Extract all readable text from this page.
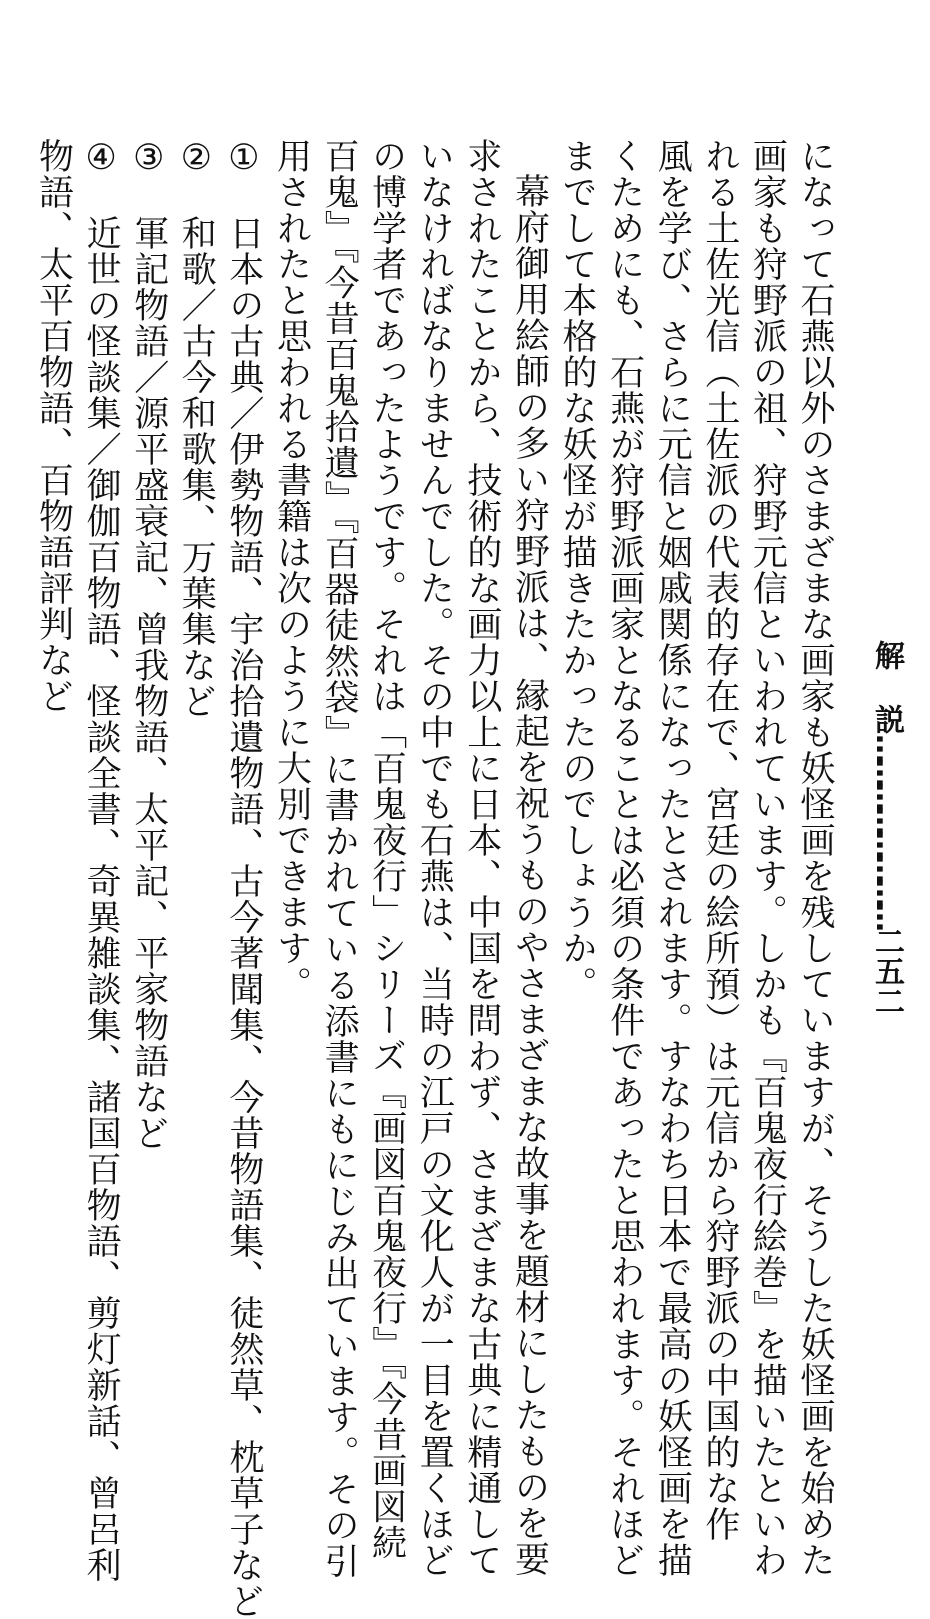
解説……………………二五二
になって石燕以外のさまざまな画家も妖怪画を残していますが、そうした妖怪画を始めた
画家も狩野派の祖、狩野元信といわれています。しかも『百鬼夜行絵巻』を描いたといわ
れる土佐光信（土佐派の代表的存在で、宮廷の絵所預）は元信から狩野派の中国的な作
風を学び、さらに元信と姻戚関係になったとされます。すなわち日本で最高の妖怪画を描
くためにも、石燕が狩野派画家となることは必須の条件であったと思われます。それほど
までして本格的な妖怪が描きたかったのでしょうか。
幕府御用絵師の多い狩野派は、縁起を祝うものやさまざまな故事を題材にしたものを要
求されたことから、技術的な画力以上に日本、中国を問わず、さまざまな古典に精通して
いなければなりませんでした。その中でも石燕は、当時の江戸の文化人が一目を置くほど
の博学者であったようです。それは「百鬼夜行」シリーズ『画図百鬼夜行』『今昔画図続
百鬼』『今昔百鬼拾遺』『百器徒然袋』に書かれている添書にもにじみ出ています。その引
用されたと思われる書籍は次のように大別できます。
①　日本の古典／伊勢物語、宇治拾遺物語、古今著聞集、今昔物語集、徒然草、枕草子など
②　和歌／古今和歌集、万葉集など
③　軍記物語／源平盛衰記、曾我物語、太平記、平家物語など
④　近世の怪談集／御伽百物語、怪談全書、奇異雑談集、諸国百物語、剪灯新話、曾呂利
物語、太平百物語、百物語評判など
